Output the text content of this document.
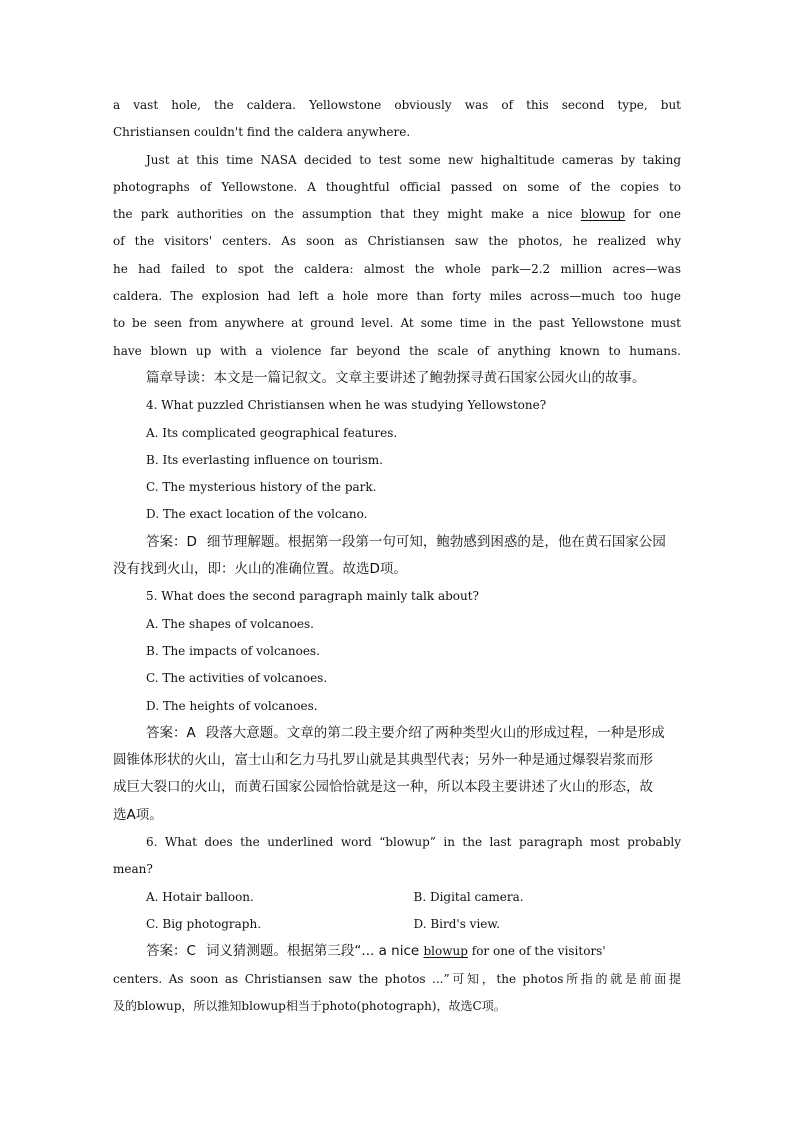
a vast hole, the caldera. Yellowstone obviously was of this second type, but
Christiansen couldn't find the caldera anywhere.
Just at this time NASA decided to test some new highaltitude cameras by taking
photographs of Yellowstone. A thoughtful official passed on some of the copies to
the park authorities on the assumption that they might make a nice blowup for one
of the visitors' centers. As soon as Christiansen saw the photos, he realized why
he had failed to spot the caldera: almost the whole park—2.2 million acres—was
caldera. The explosion had left a hole more than forty miles across—much too huge
to be seen from anywhere at ground level. At some time in the past Yellowstone must
have blown up with a violence far beyond the scale of anything known to humans.
篇章导读：本文是一篇记叙文。文章主要讲述了鲍勃探寻黄石国家公园火山的故事。
4. What puzzled Christiansen when he was studying Yellowstone?
A. Its complicated geographical features.
B. Its everlasting influence on tourism.
C. The mysterious history of the park.
D. The exact location of the volcano.
答案：D 细节理解题。根据第一段第一句可知，鲍勃感到困惑的是，他在黄石国家公园
没有找到火山，即：火山的准确位置。故选D项。
5. What does the second paragraph mainly talk about?
A. The shapes of volcanoes.
B. The impacts of volcanoes.
C. The activities of volcanoes.
D. The heights of volcanoes.
答案：A 段落大意题。文章的第二段主要介绍了两种类型火山的形成过程，一种是形成
圆锥体形状的火山，富士山和乞力马扎罗山就是其典型代表；另外一种是通过爆裂岩浆而形
成巨大裂口的火山，而黄石国家公园恰恰就是这一种，所以本段主要讲述了火山的形态，故
选A项。
6. What does the underlined word “blowup” in the last paragraph most probably
mean?
A. Hotair balloon.	B. Digital camera.
C. Big photograph.	D. Bird's view.
答案：C 词义猜测题。根据第三段“... a nice blowup for one of the visitors'
centers. As soon as Christiansen saw the photos ...”可知，the photos所指的就是前面提
及的blowup，所以推知blowup相当于photo(photograph)，故选C项。
